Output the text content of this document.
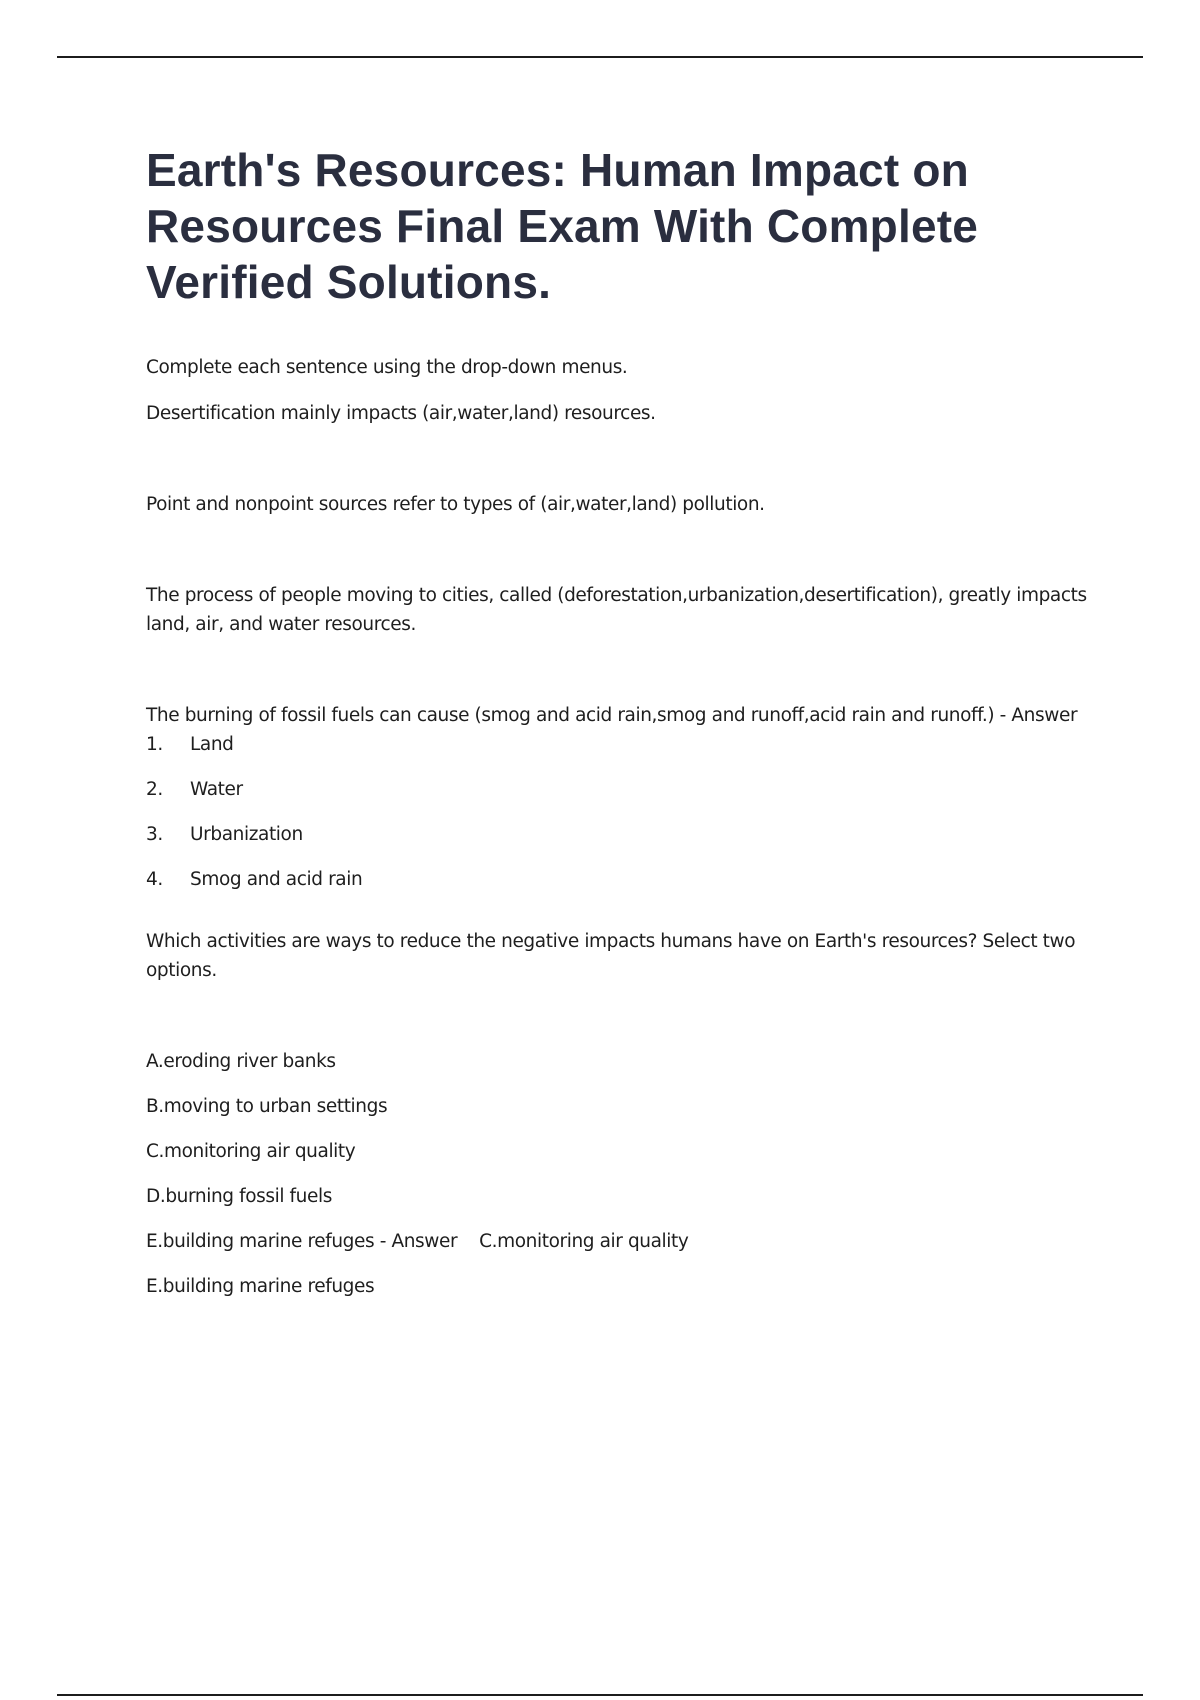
Earth's Resources: Human Impact on Resources Final Exam With Complete Verified Solutions.

Complete each sentence using the drop-down menus.

Desertification mainly impacts (air,water,land) resources.

Point and nonpoint sources refer to types of (air,water,land) pollution.

The process of people moving to cities, called (deforestation,urbanization,desertification), greatly impacts land, air, and water resources.

The burning of fossil fuels can cause (smog and acid rain,smog and runoff,acid rain and runoff.) - Answer

1.	Land
2.	Water
3.	Urbanization
4.	Smog and acid rain

Which activities are ways to reduce the negative impacts humans have on Earth's resources? Select two options.

A.eroding river banks
B.moving to urban settings
C.monitoring air quality
D.burning fossil fuels
E.building marine refuges - Answer    C.monitoring air quality
E.building marine refuges
